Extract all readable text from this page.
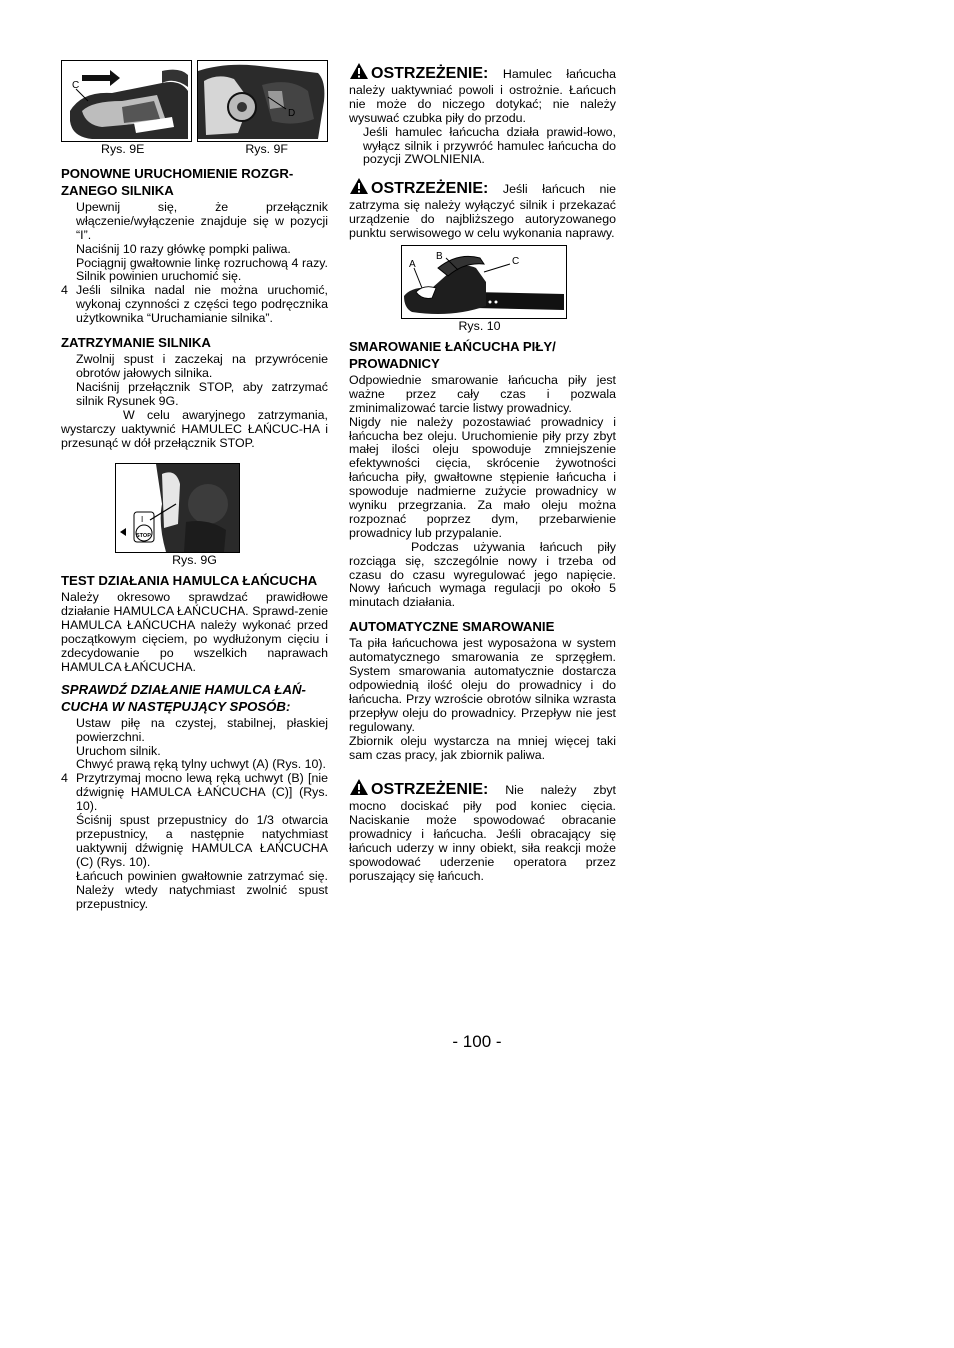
C
D
Rys. 9E	Rys. 9F
PONOWNE URUCHOMIENIE ROZGR-ZANEGO SILNIKA
Upewnij się, że przełącznik włączenie/wyłączenie znajduje się w pozycji “I”.
Naciśnij 10 razy główkę pompki paliwa.
Pociągnij gwałtownie linkę rozruchową 4 razy. Silnik powinien uruchomić się.
4 Jeśli silnika nadal nie można uruchomić, wykonaj czynności z części tego podręcznika użytkownika “Uruchamianie silnika”.
ZATRZYMANIE SILNIKA
Zwolnij spust i zaczekaj na przywrócenie obrotów jałowych silnika.
Naciśnij przełącznik STOP, aby zatrzymać silnik Rysunek 9G.

W celu awaryjnego zatrzymania, wystarczy uaktywnić HAMULEC ŁAŃCUC-HA i przesunąć w dół przełącznik STOP.

I
STOP
Rys. 9G
TEST DZIAŁANIA HAMULCA ŁAŃCUCHA

Należy okresowo sprawdzać prawidłowe działanie HAMULCA ŁAŃCUCHA. Sprawd-zenie HAMULCA ŁAŃCUCHA należy wykonać przed początkowym cięciem, po wydłużonym cięciu i zdecydowanie po wszelkich naprawach HAMULCA ŁAŃCUCHA.

SPRAWDŹ DZIAŁANIE HAMULCA ŁAŃ-CUCHA W NASTĘPUJĄCY SPOSÓB:
Ustaw piłę na czystej, stabilnej, płaskiej powierzchni.
Uruchom silnik.
Chwyć prawą ręką tylny uchwyt (A) (Rys. 10).
4 Przytrzymaj mocno lewą ręką uchwyt (B) [nie dźwignię HAMULCA ŁAŃCUCHA (C)] (Rys. 10).
Ściśnij spust przepustnicy do 1/3 otwarcia przepustnicy, a następnie natychmiast uaktywnij dźwignię HAMULCA ŁAŃCUCHA (C) (Rys. 10).
Łańcuch powinien gwałtownie zatrzymać się. Należy wtedy natychmiast zwolnić spust przepustnicy.
OSTRZEŻENIE: Hamulec łańcucha należy uaktywniać powoli i ostrożnie. Łańcuch nie może do niczego dotykać; nie należy wysuwać czubka piły do przodu.

Jeśli hamulec łańcucha działa prawid-łowo, wyłącz silnik i przywróć hamulec łańcucha do pozycji ZWOLNIENIA.

OSTRZEŻENIE: Jeśli łańcuch nie zatrzyma się należy wyłączyć silnik i przekazać urządzenie do najbliższego autoryzowanego punktu serwisowego w celu wykonania naprawy.
A
B	C
Rys. 10
SMAROWANIE ŁAŃCUCHA PIŁY/ PROWADNICY

Odpowiednie smarowanie łańcucha piły jest ważne przez cały czas i pozwala zminimalizować tarcie listwy prowadnicy.

Nigdy nie należy pozostawiać prowadnicy i łańcucha bez oleju. Uruchomienie piły przy zbyt małej ilości oleju spowoduje zmniejszenie efektywności cięcia, skrócenie żywotności łańcucha piły, gwałtowne stępienie łańcucha i spowoduje nadmierne zużycie prowadnicy w wyniku przegrzania. Za mało oleju można rozpoznać poprzez dym, przebarwienie prowadnicy lub przypalanie.

Podczas używania łańcuch piły rozciąga się, szczególnie nowy i trzeba od czasu do czasu wyregulować jego napięcie. Nowy łańcuch wymaga regulacji po około 5 minutach działania.

AUTOMATYCZNE SMAROWANIE

Ta piła łańcuchowa jest wyposażona w system automatycznego smarowania ze sprzęgłem. System smarowania automatycznie dostarcza odpowiednią ilość oleju do prowadnicy i do łańcucha. Przy wzroście obrotów silnika wzrasta przepływ oleju do prowadnicy. Przepływ nie jest regulowany.

Zbiornik oleju wystarcza na mniej więcej taki sam czas pracy, jak zbiornik paliwa.

OSTRZEŻENIE: Nie należy zbyt mocno dociskać piły pod koniec cięcia. Naciskanie może spowodować obracanie prowadnicy i łańcucha. Jeśli obracający się łańcuch uderzy w inny obiekt, siła reakcji może spowodować uderzenie operatora przez poruszający się łańcuch.
- 100 -
